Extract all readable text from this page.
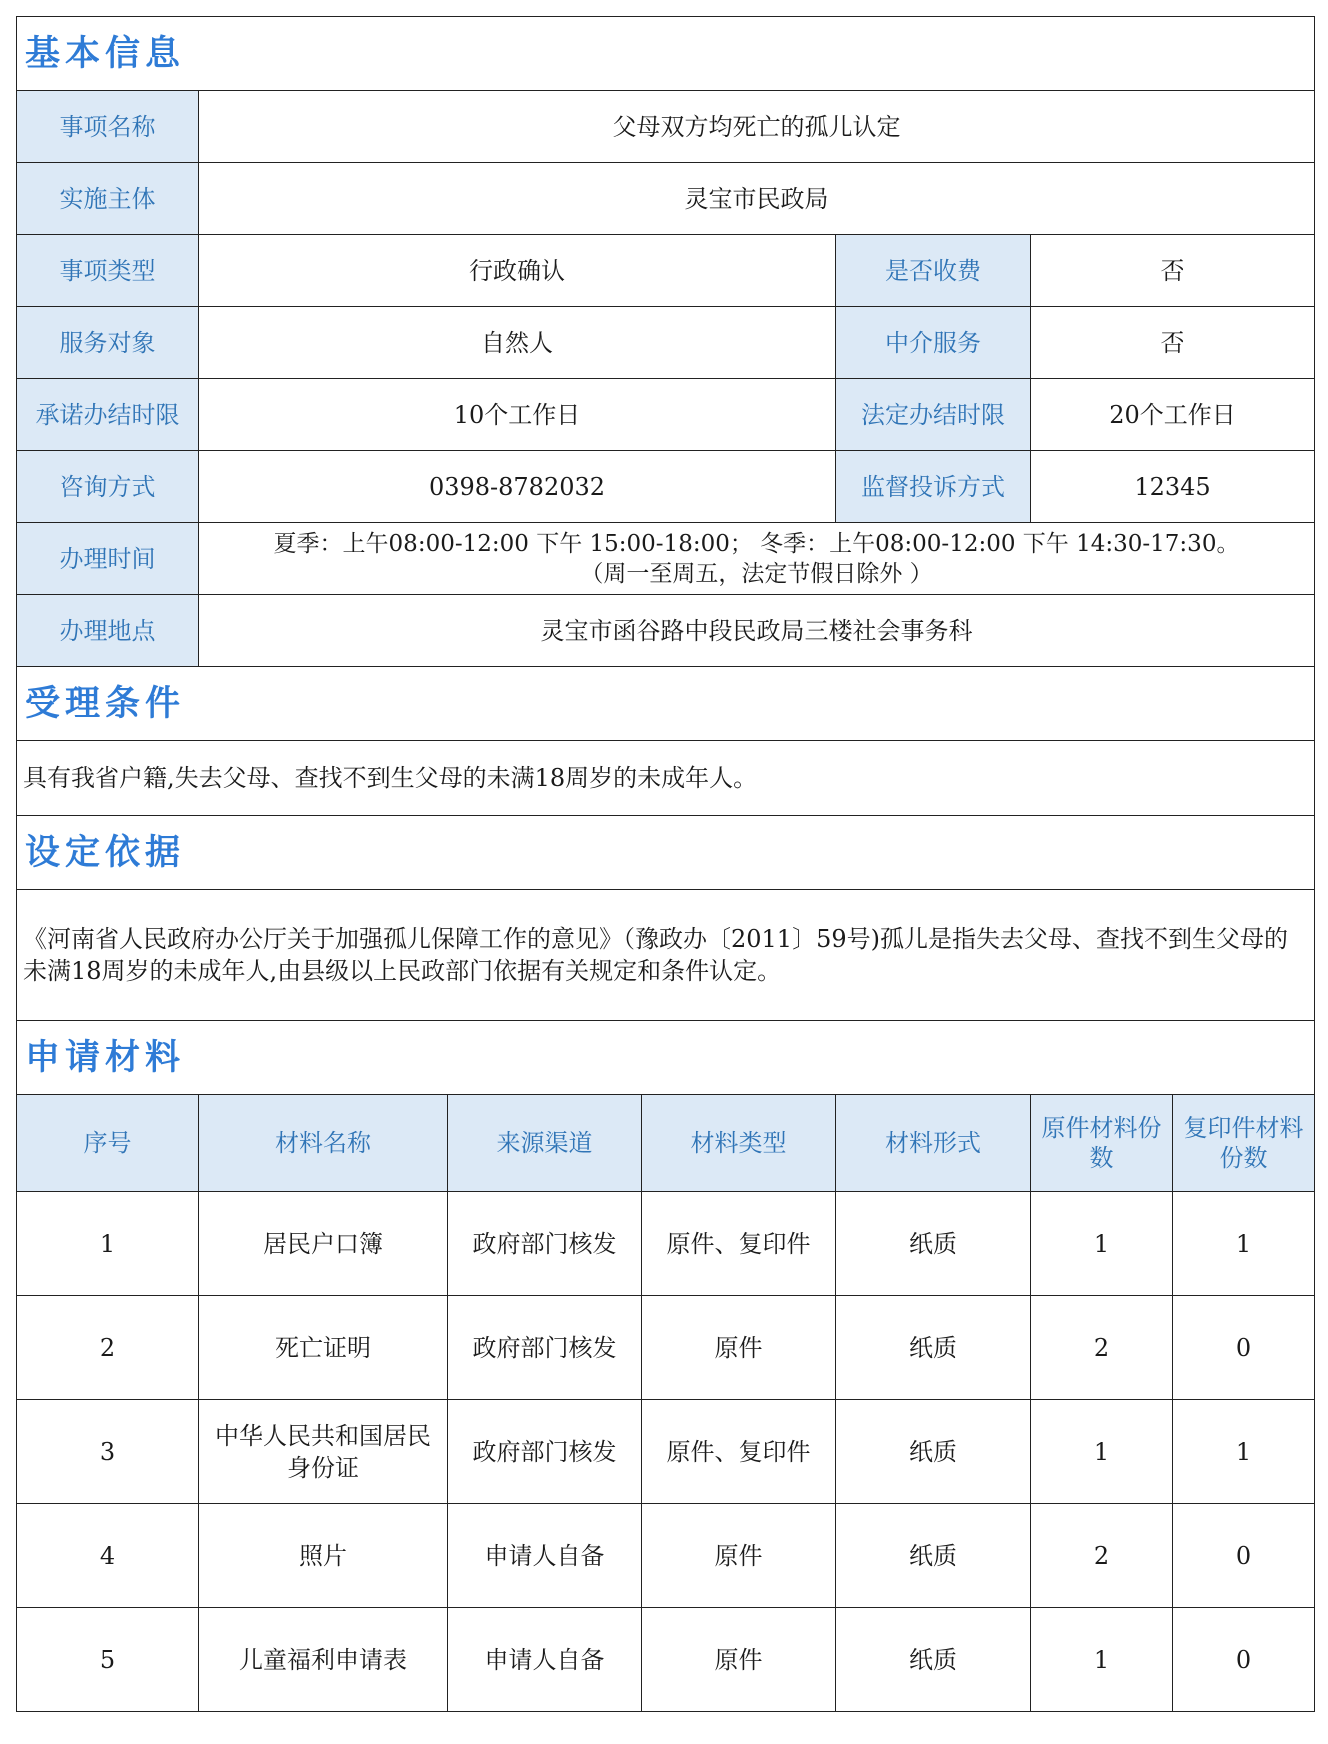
基本信息						
事项名称	父母双方均死亡的孤儿认定					
实施主体	灵宝市民政局					
事项类型	行政确认			是否收费	否	
服务对象	自然人			中介服务	否	
承诺办结时限	10个工作日			法定办结时限	20个工作日	
咨询方式	0398-8782032			监督投诉方式	12345	
办理时间	夏季：上午08:00-12:00 下午 15:00-18:00； 冬季：上午08:00-12:00 下午 14:30-17:30。
（周一至周五，法定节假日除外 ）					

办理地点	灵宝市函谷路中段民政局三楼社会事务科					
受理条件						
具有我省户籍,失去父母、查找不到生父母的未满18周岁的未成年人。						
设定依据						
《河南省人民政府办公厅关于加强孤儿保障工作的意见》（豫政办〔2011〕59号)孤儿是指失去父母、查找不到生父母的未满18周岁的未成年人,由县级以上民政部门依据有关规定和条件认定。						
申请材料						
序号	材料名称	来源渠道	材料类型	材料形式	原件材料份数	复印件材料份数
1	居民户口簿	政府部门核发	原件、复印件	纸质	1	1
2	死亡证明	政府部门核发	原件	纸质	2	0
3	中华人民共和国居民身份证	政府部门核发	原件、复印件	纸质	1	1
4	照片	申请人自备	原件	纸质	2	0
5	儿童福利申请表	申请人自备	原件	纸质	1	0
